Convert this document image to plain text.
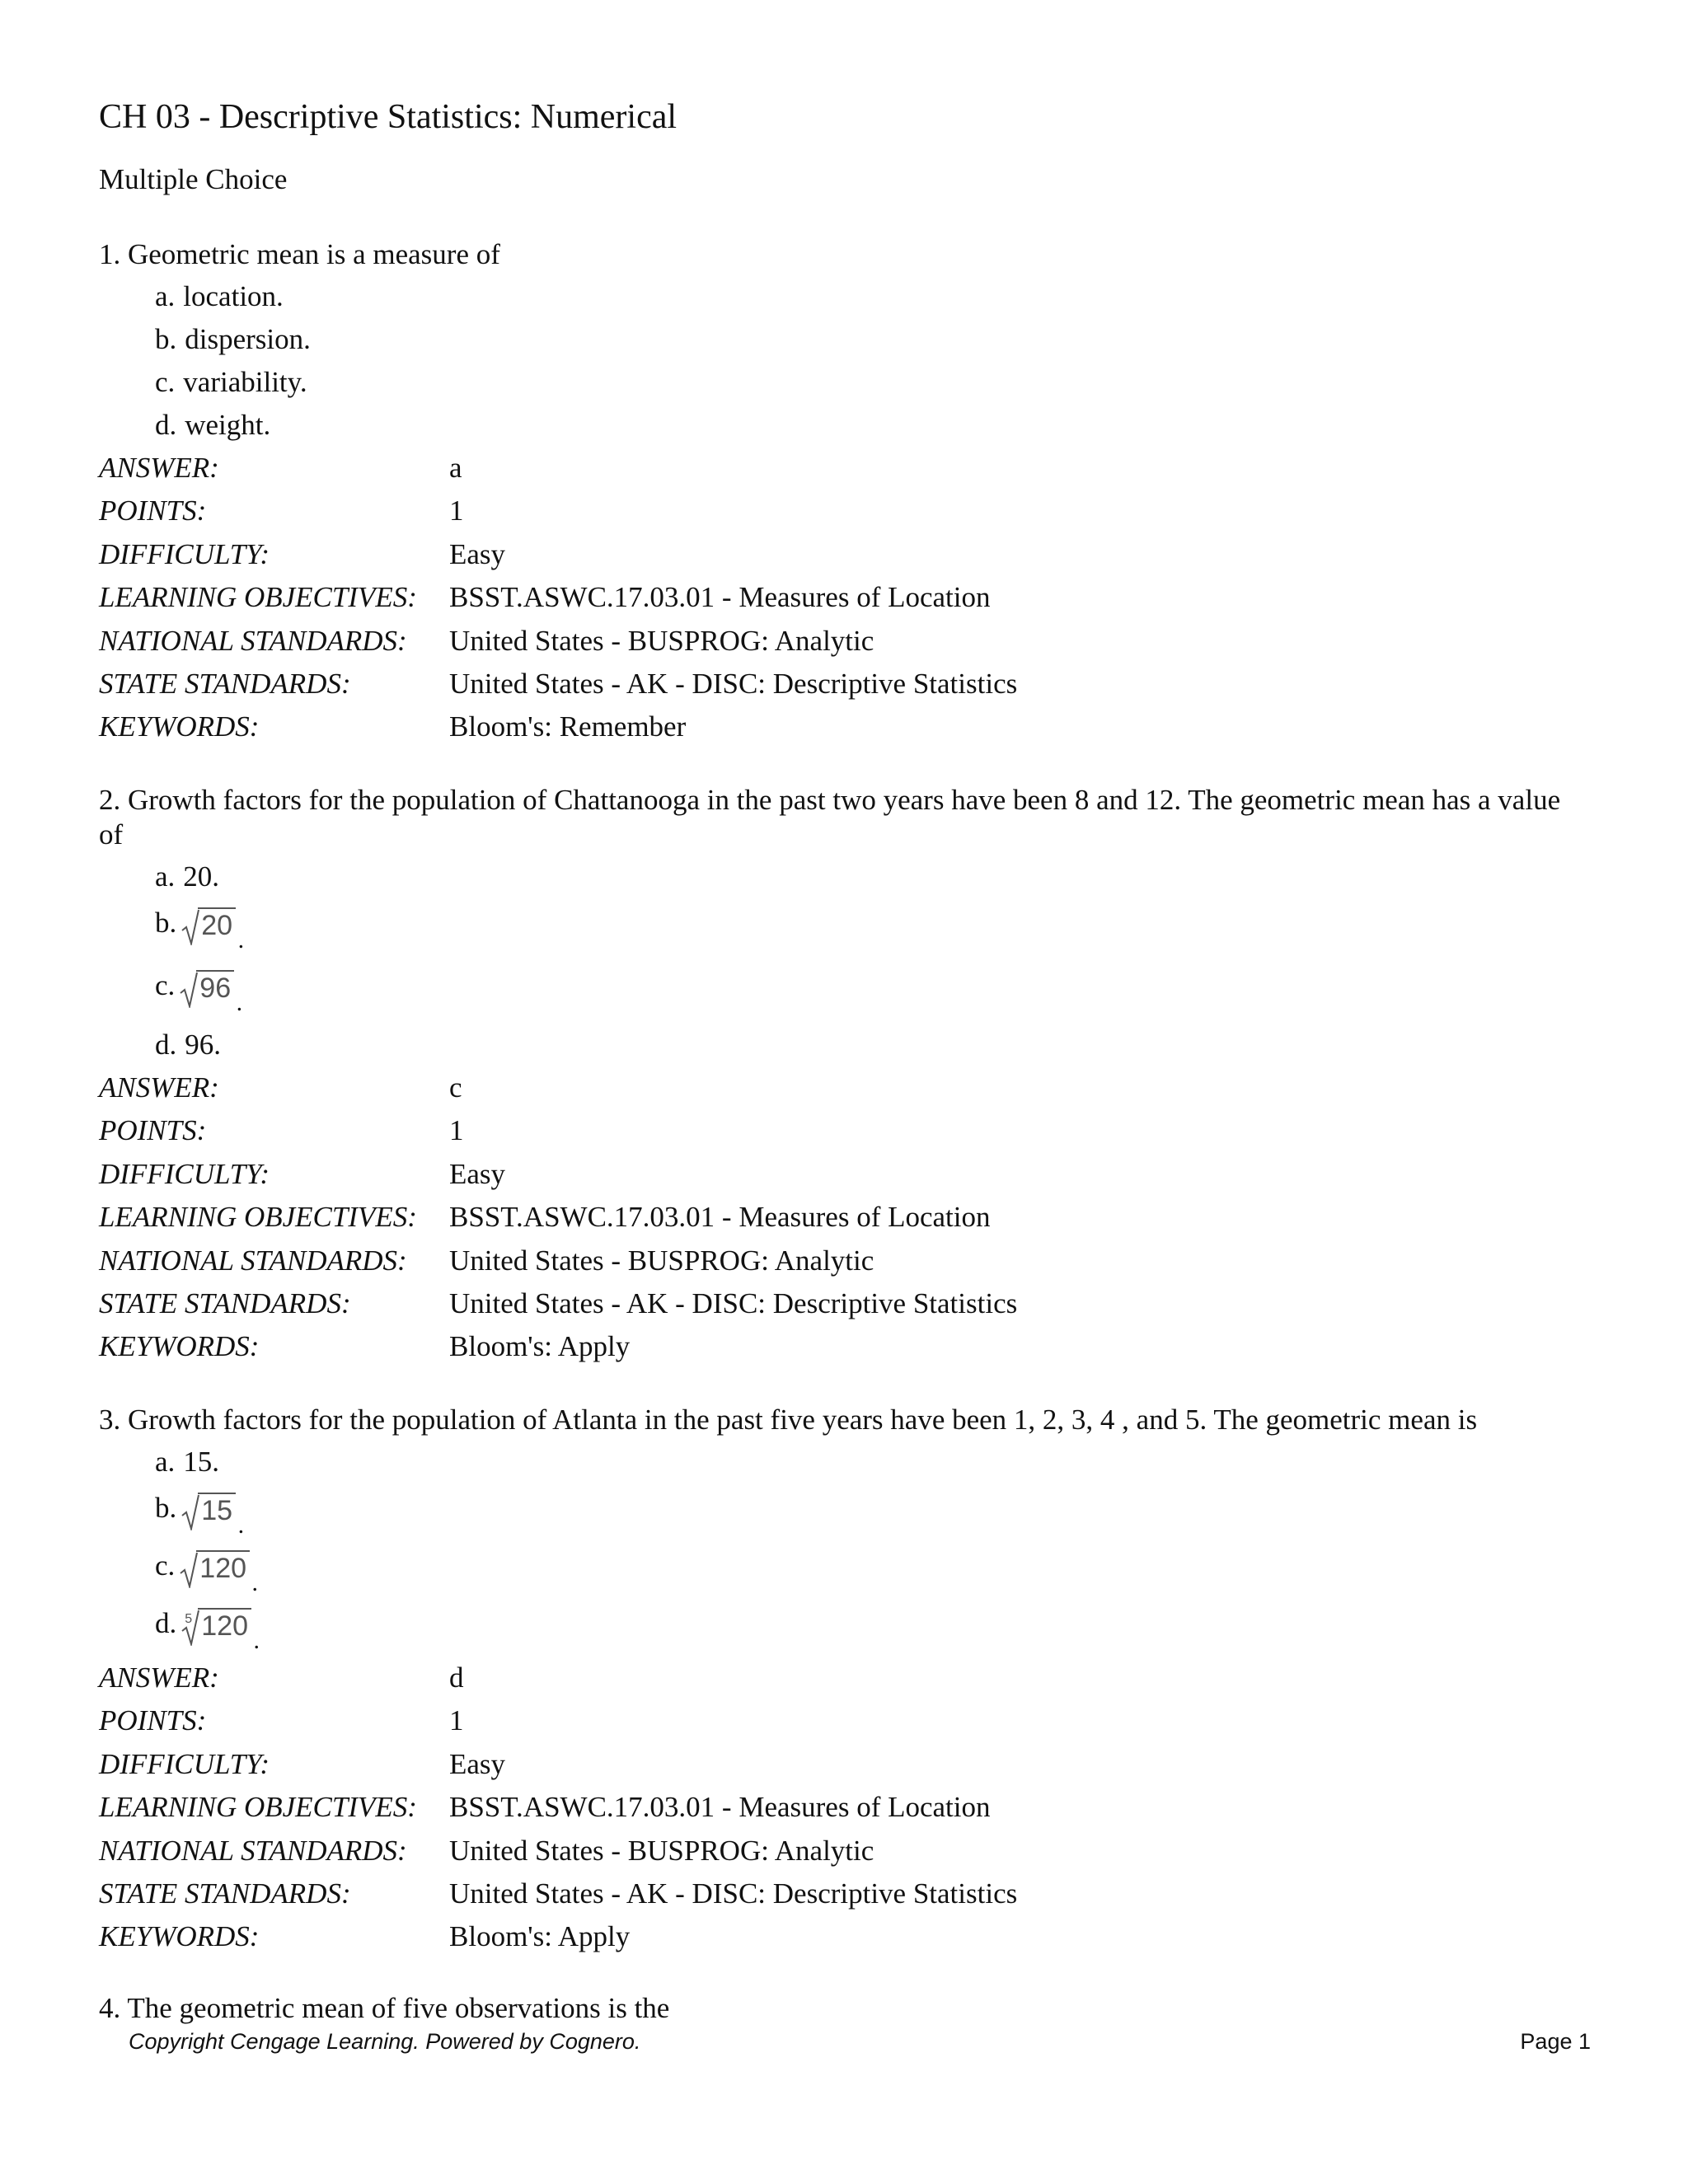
CH 03 - Descriptive Statistics: Numerical
Multiple Choice

1. Geometric mean is a measure of

a. location.
b. dispersion.
c. variability.
d. weight.
ANSWER:	a
POINTS:	1
DIFFICULTY:	Easy
LEARNING OBJECTIVES: BSST.ASWC.17.03.01 - Measures of Location
NATIONAL STANDARDS: United States - BUSPROG: Analytic
STATE STANDARDS:	United States - AK - DISC: Descriptive Statistics
KEYWORDS:	Bloom's: Remember

2. Growth factors for the population of Chattanooga in the past two years have been 8 and 12. The geometric mean has a value of

a. 20.
b. 20 .
c. 96 .
d. 96.
ANSWER:	c
POINTS:	1
DIFFICULTY:	Easy
LEARNING OBJECTIVES: BSST.ASWC.17.03.01 - Measures of Location
NATIONAL STANDARDS: United States - BUSPROG: Analytic
STATE STANDARDS:	United States - AK - DISC: Descriptive Statistics
KEYWORDS:	Bloom's: Apply

3. Growth factors for the population of Atlanta in the past five years have been 1, 2, 3, 4 , and 5. The geometric mean is

a. 15.
b. 15 .
c. 120 .
d. 5 120 .
ANSWER:	d
POINTS:	1
DIFFICULTY:	Easy
LEARNING OBJECTIVES: BSST.ASWC.17.03.01 - Measures of Location
NATIONAL STANDARDS: United States - BUSPROG: Analytic
STATE STANDARDS:	United States - AK - DISC: Descriptive Statistics
KEYWORDS:	Bloom's: Apply

4. The geometric mean of five observations is the

Copyright Cengage Learning. Powered by Cognero.	Page 1
